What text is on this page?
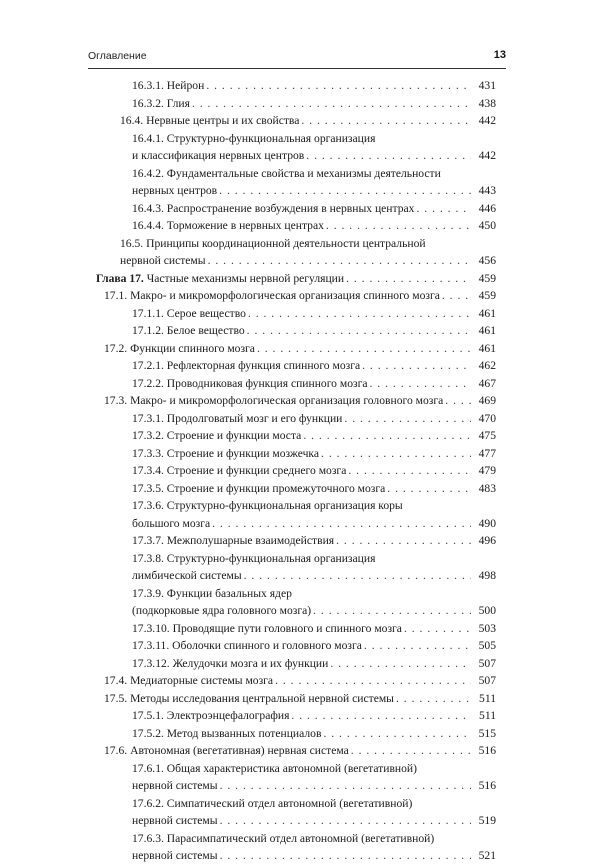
Оглавление	13
16.3.1. Нейрон . . .	431
16.3.2. Глия . . .	438
16.4. Нервные центры и их свойства . . .	442
16.4.1. Структурно-функциональная организация
и классификация нервных центров . . .	442
16.4.2. Фундаментальные свойства и механизмы деятельности
нервных центров . . .	443
16.4.3. Распространение возбуждения в нервных центрах . . .	446
16.4.4. Торможение в нервных центрах . . .	450
16.5. Принципы координационной деятельности центральной
нервной системы . . .	456
Глава 17. Частные механизмы нервной регуляции . . .	459
17.1. Макро- и микроморфологическая организация спинного мозга . . .	459
17.1.1. Серое вещество . . .	461
17.1.2. Белое вещество . . .	461
17.2. Функции спинного мозга . . .	461
17.2.1. Рефлекторная функция спинного мозга . . .	462
17.2.2. Проводниковая функция спинного мозга . . .	467
17.3. Макро- и микроморфологическая организация головного мозга . . .	469
17.3.1. Продолговатый мозг и его функции . . .	470
17.3.2. Строение и функции моста . . .	475
17.3.3. Строение и функции мозжечка . . .	477
17.3.4. Строение и функции среднего мозга . . .	479
17.3.5. Строение и функции промежуточного мозга . . .	483
17.3.6. Структурно-функциональная организация коры
большого мозга . . .	490
17.3.7. Межполушарные взаимодействия . . .	496
17.3.8. Структурно-функциональная организация
лимбической системы . . .	498
17.3.9. Функции базальных ядер
(подкорковые ядра головного мозга) . . .	500
17.3.10. Проводящие пути головного и спинного мозга . . .	503
17.3.11. Оболочки спинного и головного мозга . . .	505
17.3.12. Желудочки мозга и их функции . . .	507
17.4. Медиаторные системы мозга . . .	507
17.5. Методы исследования центральной нервной системы . . .	511
17.5.1. Электроэнцефалография . . .	511
17.5.2. Метод вызванных потенциалов . . .	515
17.6. Автономная (вегетативная) нервная система . . .	516
17.6.1. Общая характеристика автономной (вегетативной)
нервной системы . . .	516
17.6.2. Симпатический отдел автономной (вегетативной)
нервной системы . . .	519
17.6.3. Парасимпатический отдел автономной (вегетативной)
нервной системы . . .	521
